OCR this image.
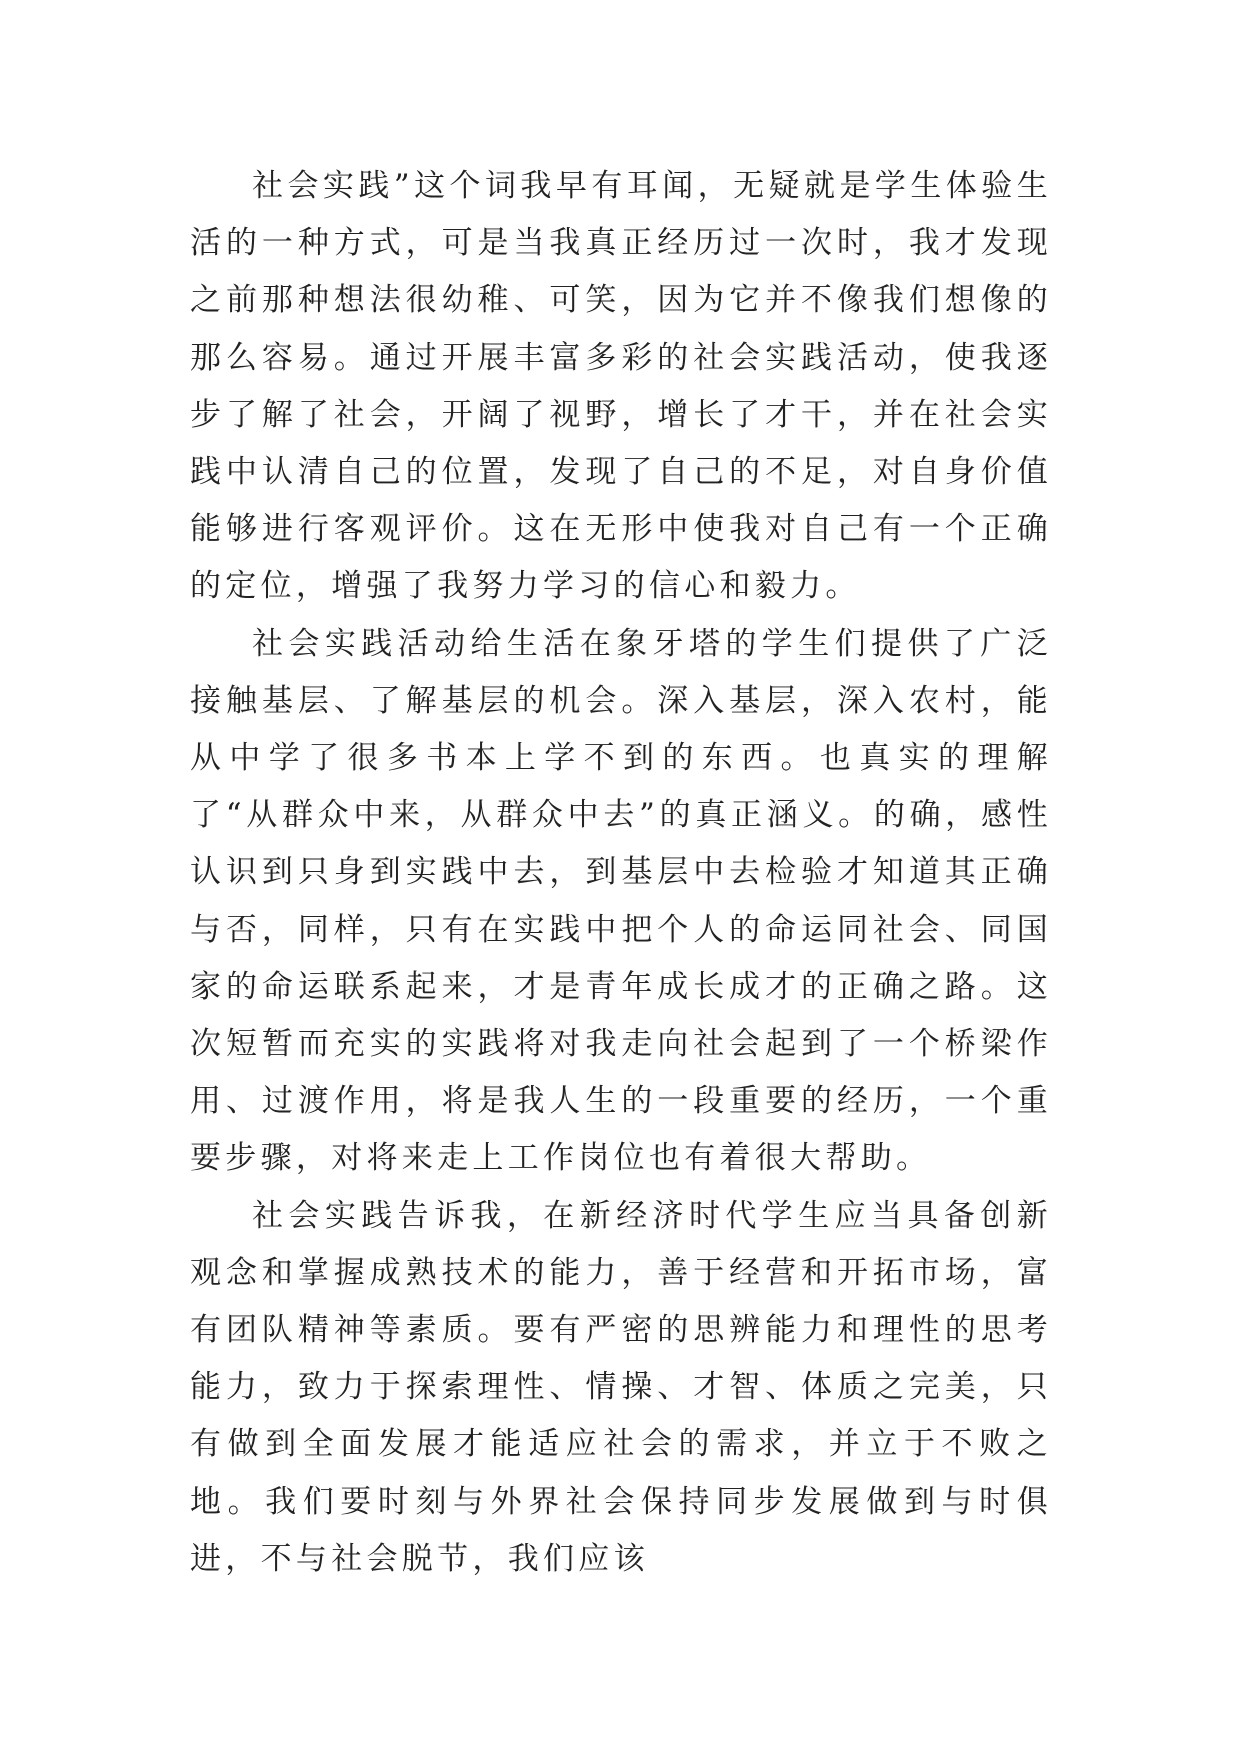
社会实践”这个词我早有耳闻，无疑就是学生体验生活的一种方式，可是当我真正经历过一次时，我才发现之前那种想法很幼稚、可笑，因为它并不像我们想像的那么容易。通过开展丰富多彩的社会实践活动，使我逐步了解了社会，开阔了视野，增长了才干，并在社会实践中认清自己的位置，发现了自己的不足，对自身价值能够进行客观评价。这在无形中使我对自己有一个正确的定位，增强了我努力学习的信心和毅力。

社会实践活动给生活在象牙塔的学生们提供了广泛接触基层、了解基层的机会。深入基层，深入农村，能从中学了很多书本上学不到的东西。也真实的理解了“从群众中来，从群众中去”的真正涵义。的确，感性认识到只身到实践中去，到基层中去检验才知道其正确与否，同样，只有在实践中把个人的命运同社会、同国家的命运联系起来，才是青年成长成才的正确之路。这次短暂而充实的实践将对我走向社会起到了一个桥梁作用、过渡作用，将是我人生的一段重要的经历，一个重要步骤，对将来走上工作岗位也有着很大帮助。

社会实践告诉我，在新经济时代学生应当具备创新观念和掌握成熟技术的能力，善于经营和开拓市场，富有团队精神等素质。要有严密的思辨能力和理性的思考能力，致力于探索理性、情操、才智、体质之完美，只有做到全面发展才能适应社会的需求，并立于不败之地。我们要时刻与外界社会保持同步发展做到与时俱进，不与社会脱节，我们应该
